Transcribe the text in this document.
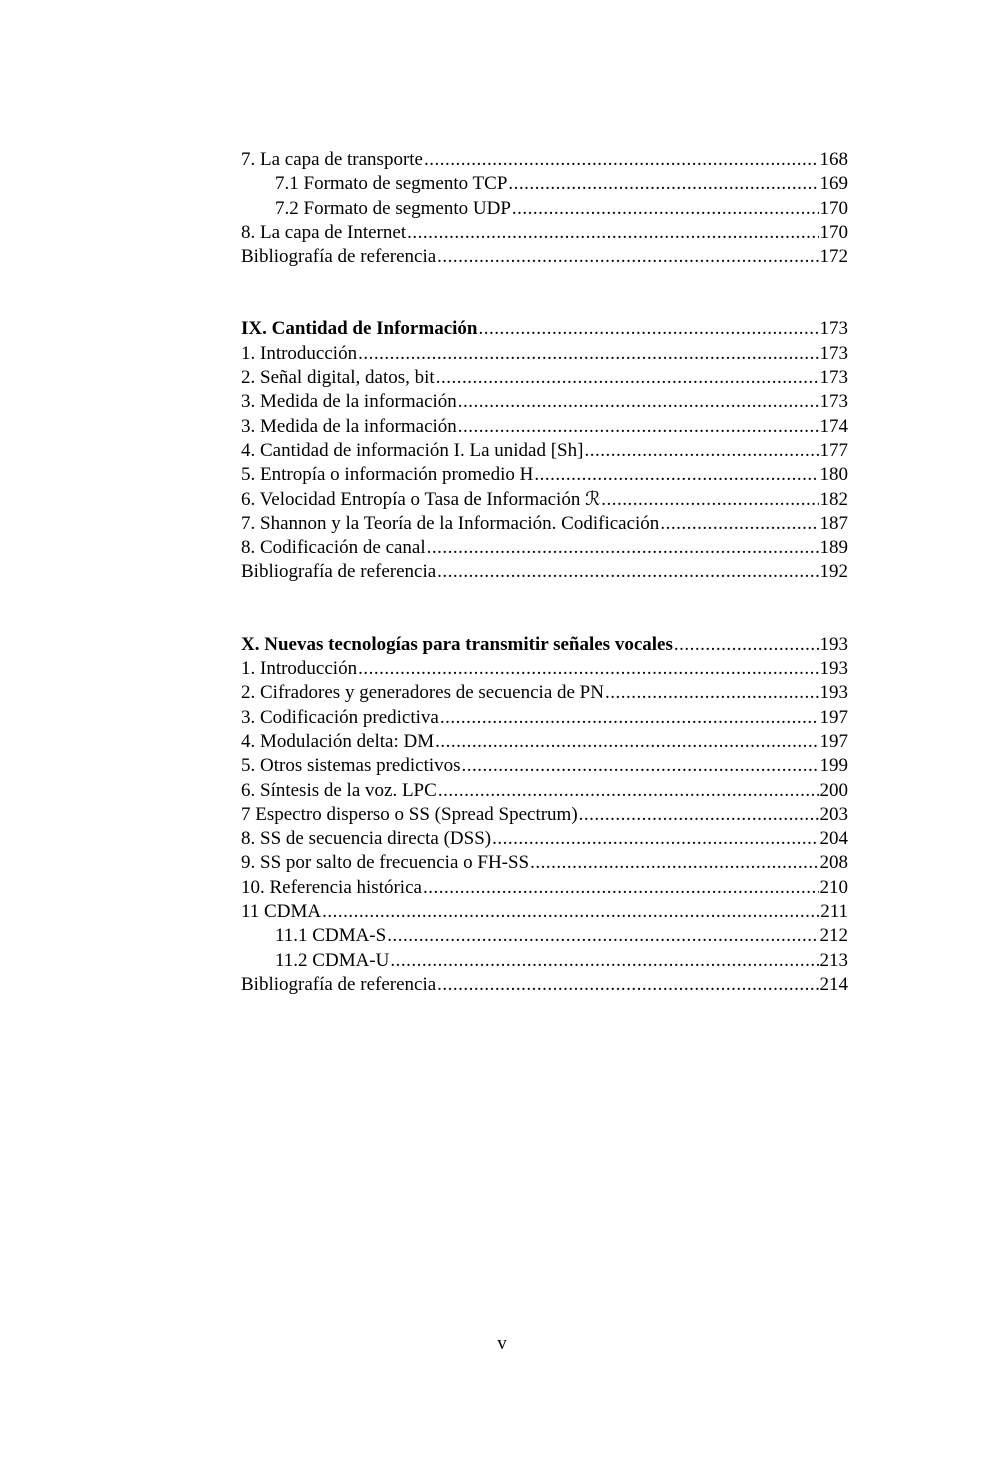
7. La capa de transporte .....	168
7.1 Formato de segmento TCP .....	169
7.2 Formato de segmento UDP .....	170
8. La capa de Internet .....	170
Bibliografía de referencia .....	172
IX. Cantidad de Información .....	173
1. Introducción .....	173
2. Señal digital, datos, bit .....	173
3. Medida de la información .....	173
3. Medida de la información .....	174
4. Cantidad de información I. La unidad [Sh] .....	177
5. Entropía o información promedio H .....	180
6. Velocidad Entropía o Tasa de Información ℛ .....	182
7. Shannon y la Teoría de la Información. Codificación .....	187
8. Codificación de canal .....	189
Bibliografía de referencia .....	192
X. Nuevas tecnologías para transmitir señales vocales .....	193
1. Introducción .....	193
2. Cifradores y generadores de secuencia de PN .....	193
3. Codificación predictiva .....	197
4. Modulación delta: DM .....	197
5. Otros sistemas predictivos .....	199
6. Síntesis de la voz. LPC .....	200
7 Espectro disperso o SS (Spread Spectrum) .....	203
8. SS de secuencia directa (DSS) .....	204
9. SS por salto de frecuencia o FH-SS .....	208
10. Referencia histórica .....	210
11 CDMA .....	211
11.1 CDMA-S .....	212
11.2 CDMA-U .....	213
Bibliografía de referencia .....	214
v
